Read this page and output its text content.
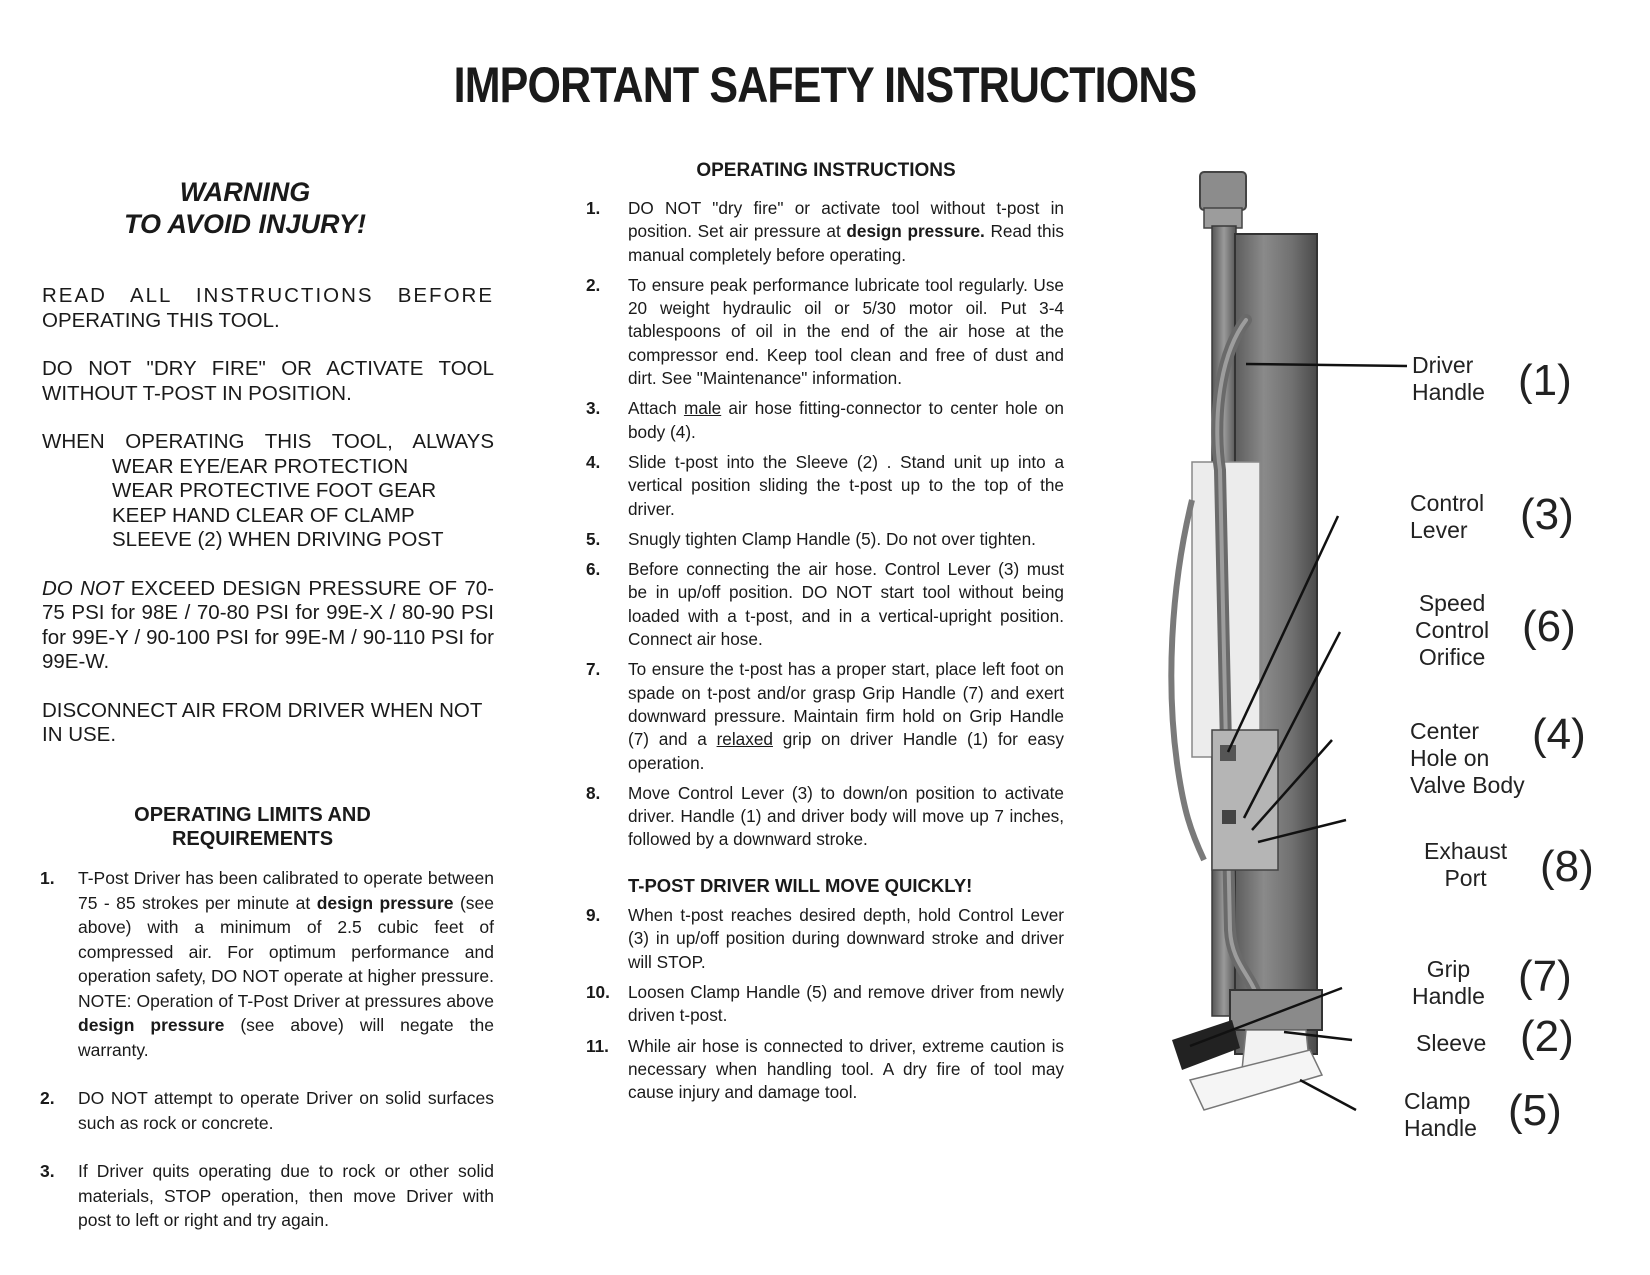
IMPORTANT SAFETY INSTRUCTIONS
WARNING
TO AVOID INJURY!

READ ALL INSTRUCTIONS BEFORE
OPERATING THIS TOOL.

DO NOT "DRY FIRE" OR ACTIVATE TOOL
WITHOUT T-POST IN POSITION.

WHEN OPERATING THIS TOOL, ALWAYS
WEAR EYE/EAR PROTECTION
WEAR PROTECTIVE FOOT GEAR
KEEP HAND CLEAR OF CLAMP
SLEEVE (2) WHEN DRIVING POST

DO NOT EXCEED DESIGN PRESSURE OF 70-75 PSI for 98E / 70-80 PSI for 99E-X / 80-90 PSI for 99E-Y / 90-100 PSI for 99E-M / 90-110 PSI for 99E-W.

DISCONNECT AIR FROM DRIVER WHEN NOT IN USE.

OPERATING LIMITS AND
REQUIREMENTS
1. T-Post Driver has been calibrated to operate between 75 - 85 strokes per minute at design pressure (see above) with a minimum of 2.5 cubic feet of compressed air. For optimum performance and operation safety, DO NOT operate at higher pressure. NOTE: Operation of T-Post Driver at pressures above design pressure (see above) will negate the warranty.
2. DO NOT attempt to operate Driver on solid surfaces such as rock or concrete.
3. If Driver quits operating due to rock or other solid materials, STOP operation, then move Driver with post to left or right and try again.
OPERATING INSTRUCTIONS
1. DO NOT "dry fire" or activate tool without t-post in position. Set air pressure at design pressure. Read this manual completely before operating.
2. To ensure peak performance lubricate tool regularly. Use 20 weight hydraulic oil or 5/30 motor oil. Put 3-4 tablespoons of oil in the end of the air hose at the compressor end. Keep tool clean and free of dust and dirt. See "Maintenance" information.
3. Attach male air hose fitting-connector to center hole on body (4).
4. Slide t-post into the Sleeve (2) . Stand unit up into a vertical position sliding the t-post up to the top of the driver.
5. Snugly tighten Clamp Handle (5). Do not over tighten.
6. Before connecting the air hose. Control Lever (3) must be in up/off position. DO NOT start tool without being loaded with a t-post, and in a vertical-upright position. Connect air hose.
7. To ensure the t-post has a proper start, place left foot on spade on t-post and/or grasp Grip Handle (7) and exert downward pressure. Maintain firm hold on Grip Handle (7) and a relaxed grip on driver Handle (1) for easy operation.
8. Move Control Lever (3) to down/on position to activate driver. Handle (1) and driver body will move up 7 inches, followed by a downward stroke.
T-POST DRIVER WILL MOVE QUICKLY!
9. When t-post reaches desired depth, hold Control Lever (3) in up/off position during downward stroke and driver will STOP.
10. Loosen Clamp Handle (5) and remove driver from newly driven t-post.
11. While air hose is connected to driver, extreme caution is necessary when handling tool. A dry fire of tool may cause injury and damage tool.
Driver
Handle (1)
Control
Lever	(3)
Speed
Control
Orifice
(6)
Center
Hole on
Valve Body
(4)
Exhaust
Port	(8)
Grip
Handle (7)
Sleeve (2)
Clamp
Handle (5)
